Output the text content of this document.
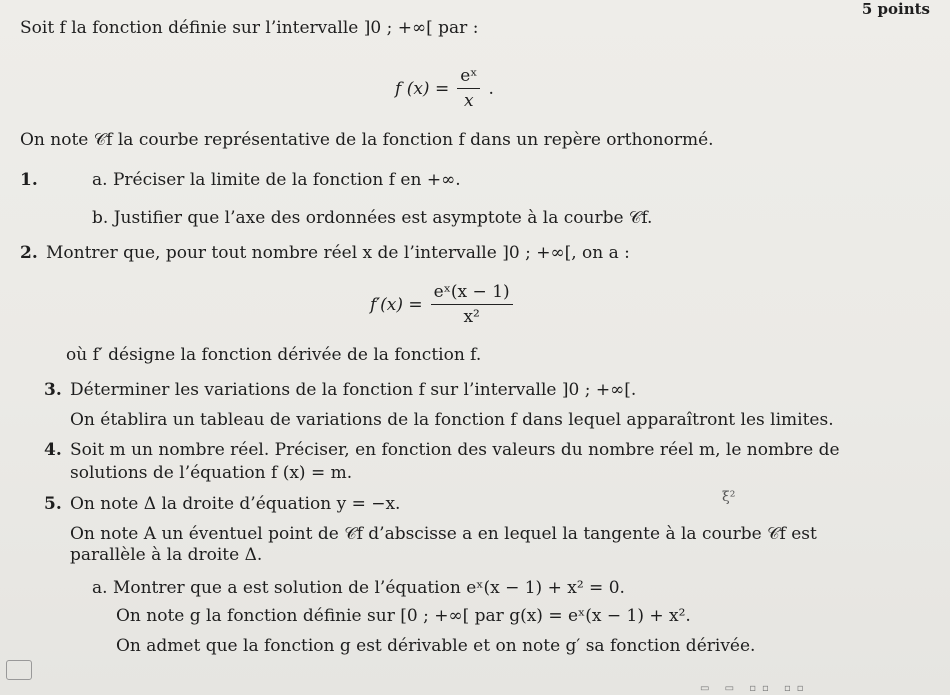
5 points
Soit f la fonction définie sur l’intervalle ]0 ; +∞[ par :
f $(x) = \frac{\text{eˣ}}{x}$ .
On note 𝒞f la courbe représentative de la fonction f dans un repère orthonormé.
1.	a. Préciser la limite de la fonction f en +∞.
b. Justifier que l’axe des ordonnées est asymptote à la courbe 𝒞f.
2. Montrer que, pour tout nombre réel x de l’intervalle ]0 ; +∞[, on a :
$f'(x) = \frac{\text{eˣ(x − 1)}}{\text{x²}}$
où f′ désigne la fonction dérivée de la fonction f.
3. Déterminer les variations de la fonction f sur l’intervalle ]0 ; +∞[.
On établira un tableau de variations de la fonction f dans lequel apparaîtront les limites.
4. Soit m un nombre réel. Préciser, en fonction des valeurs du nombre réel m, le nombre de
solutions de l’équation f (x) = m.
5. On note Δ la droite d’équation y = −x.	ξ²
On note A un éventuel point de 𝒞f d’abscisse a en lequel la tangente à la courbe 𝒞f est
parallèle à la droite Δ.
a. Montrer que a est solution de l’équation eˣ(x − 1) + x² = 0.
On note g la fonction définie sur [0 ; +∞[ par g(x) = eˣ(x − 1) + x².
On admet que la fonction g est dérivable et on note g′ sa fonction dérivée.
▭ ▭ ▫▫ ▫▫
